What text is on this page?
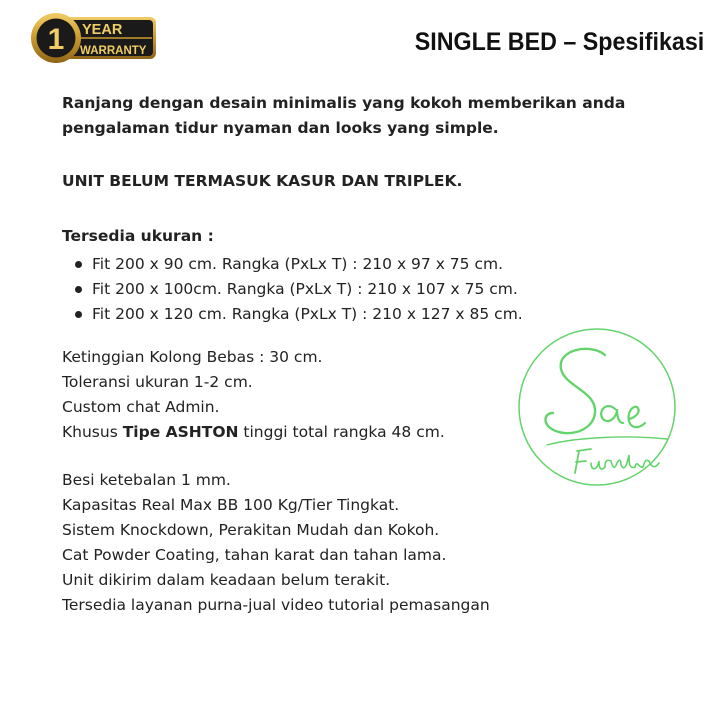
1 YEAR
WARRANTY	SINGLE BED – Spesifikasi
Ranjang dengan desain minimalis yang kokoh memberikan anda
pengalaman tidur nyaman dan looks yang simple.
UNIT BELUM TERMASUK KASUR DAN TRIPLEK.
Tersedia ukuran :
Fit 200 x 90 cm. Rangka (PxLx T) : 210 x 97 x 75 cm.
Fit 200 x 100cm. Rangka (PxLx T) : 210 x 107 x 75 cm.
Fit 200 x 120 cm. Rangka (PxLx T) : 210 x 127 x 85 cm.
Ketinggian Kolong Bebas : 30 cm.
Toleransi ukuran 1-2 cm.
Custom chat Admin.
Khusus Tipe ASHTON tinggi total rangka 48 cm.
Besi ketebalan 1 mm.
Kapasitas Real Max BB 100 Kg/Tier Tingkat.
Sistem Knockdown, Perakitan Mudah dan Kokoh.
Cat Powder Coating, tahan karat dan tahan lama.
Unit dikirim dalam keadaan belum terakit.
Tersedia layanan purna-jual video tutorial pemasangan
